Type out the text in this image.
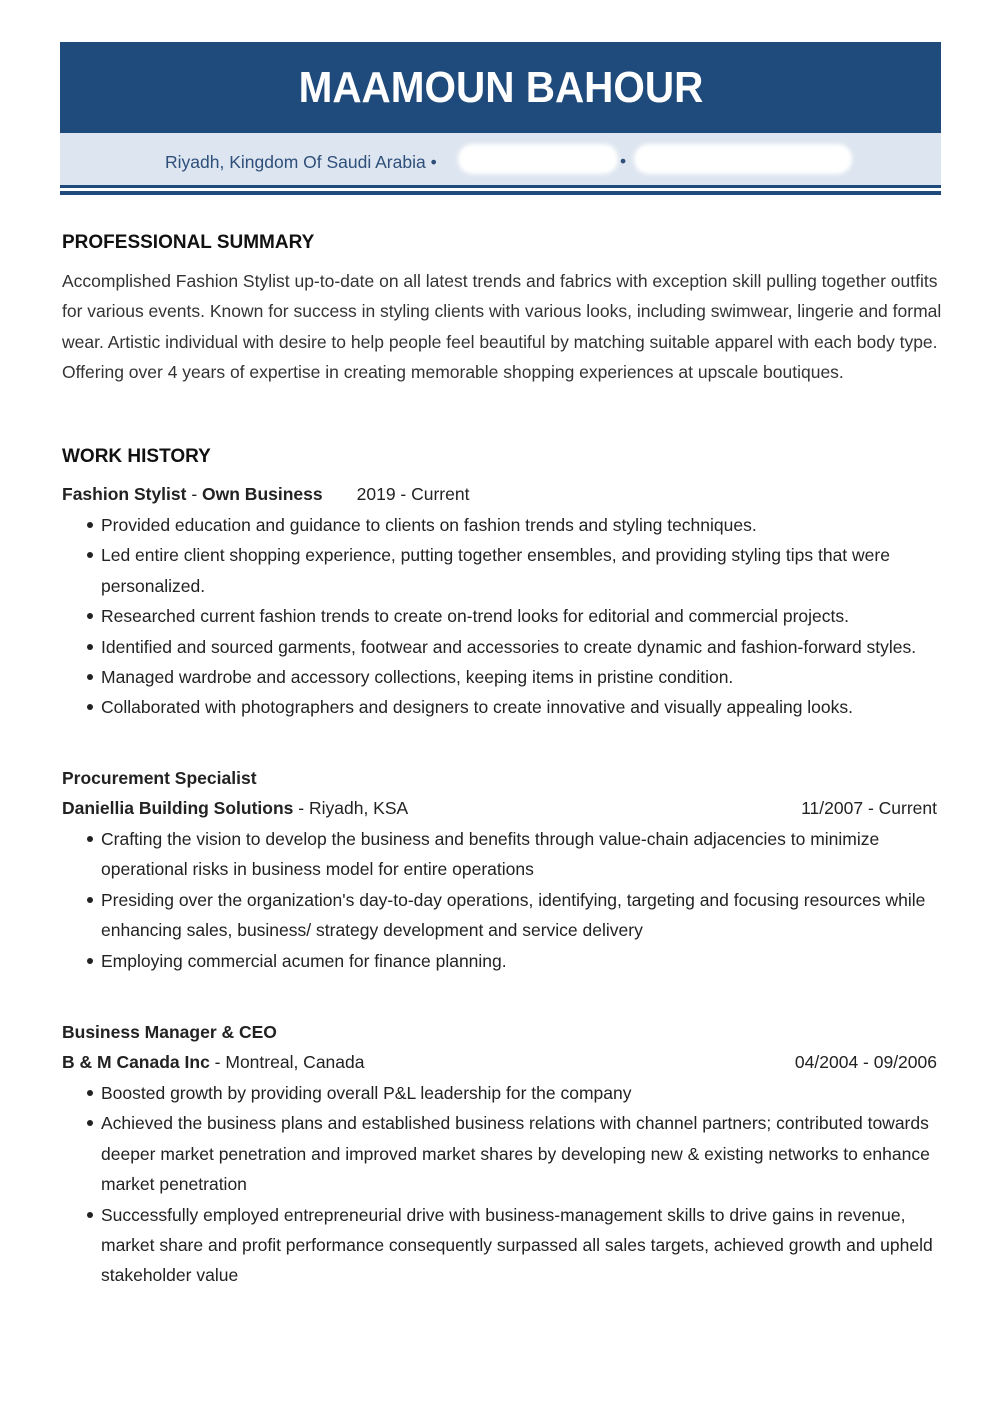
MAAMOUN BAHOUR
Riyadh, Kingdom Of Saudi Arabia •	•
PROFESSIONAL SUMMARY

Accomplished Fashion Stylist up-to-date on all latest trends and fabrics with exception skill pulling together outfits for various events. Known for success in styling clients with various looks, including swimwear, lingerie and formal wear. Artistic individual with desire to help people feel beautiful by matching suitable apparel with each body type. Offering over 4 years of expertise in creating memorable shopping experiences at upscale boutiques.

WORK HISTORY
Fashion Stylist - Own Business 2019 - Current
Provided education and guidance to clients on fashion trends and styling techniques.
Led entire client shopping experience, putting together ensembles, and providing styling tips that were personalized.
Researched current fashion trends to create on-trend looks for editorial and commercial projects.
Identified and sourced garments, footwear and accessories to create dynamic and fashion-forward styles.
Managed wardrobe and accessory collections, keeping items in pristine condition.
Collaborated with photographers and designers to create innovative and visually appealing looks.
Procurement Specialist
Daniellia Building Solutions - Riyadh, KSA	11/2007 - Current
Crafting the vision to develop the business and benefits through value-chain adjacencies to minimize operational risks in business model for entire operations
Presiding over the organization's day-to-day operations, identifying, targeting and focusing resources while enhancing sales, business/ strategy development and service delivery
Employing commercial acumen for finance planning.
Business Manager & CEO
B & M Canada Inc - Montreal, Canada	04/2004 - 09/2006
Boosted growth by providing overall P&L leadership for the company
Achieved the business plans and established business relations with channel partners; contributed towards deeper market penetration and improved market shares by developing new & existing networks to enhance market penetration
Successfully employed entrepreneurial drive with business-management skills to drive gains in revenue, market share and profit performance consequently surpassed all sales targets, achieved growth and upheld stakeholder value
